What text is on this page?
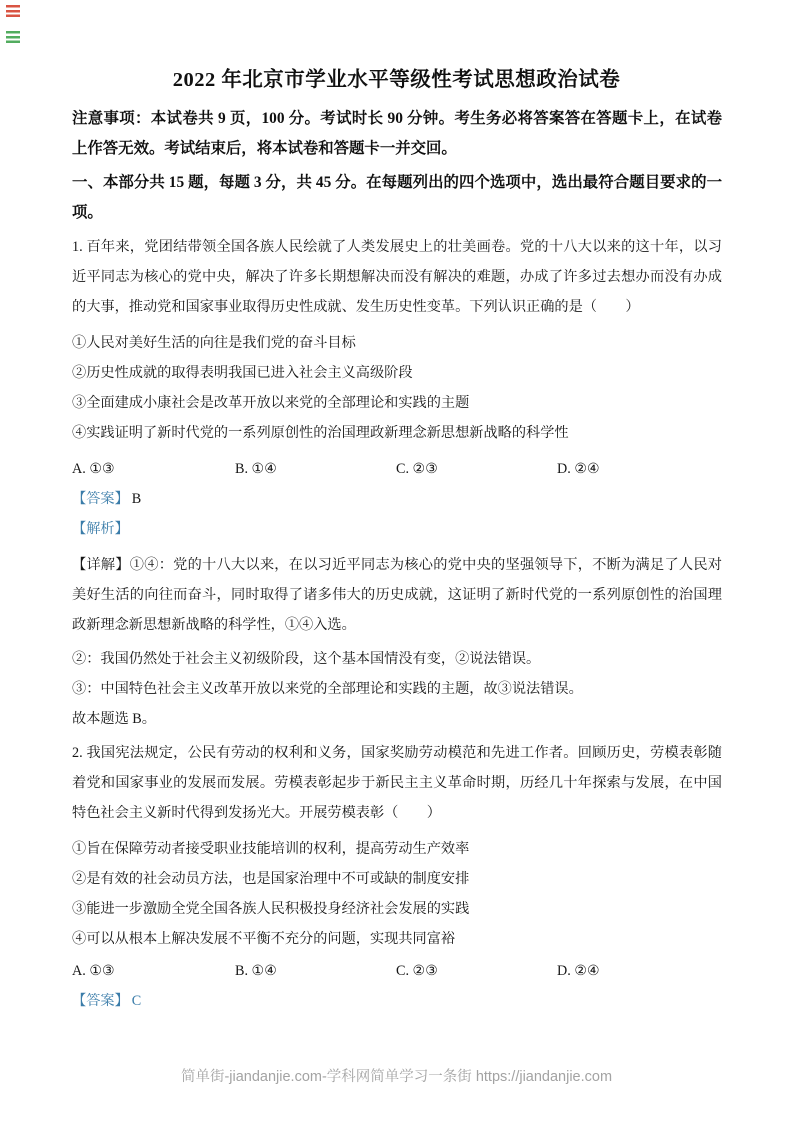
2022 年北京市学业水平等级性考试思想政治试卷

注意事项：本试卷共 9 页，100 分。考试时长 90 分钟。考生务必将答案答在答题卡上，在试卷上作答无效。考试结束后，将本试卷和答题卡一并交回。

一、本部分共 15 题，每题 3 分，共 45 分。在每题列出的四个选项中，选出最符合题目要求的一项。

1. 百年来，党团结带领全国各族人民绘就了人类发展史上的壮美画卷。党的十八大以来的这十年，以习近平同志为核心的党中央，解决了许多长期想解决而没有解决的难题，办成了许多过去想办而没有办成的大事，推动党和国家事业取得历史性成就、发生历史性变革。下列认识正确的是（　　）

①人民对美好生活的向往是我们党的奋斗目标

②历史性成就的取得表明我国已进入社会主义高级阶段

③全面建成小康社会是改革开放以来党的全部理论和实践的主题

④实践证明了新时代党的一系列原创性的治国理政新理念新思想新战略的科学性

A. ①③	B. ①④	C. ②③	D. ②④

【答案】 B

【解析】

【详解】①④：党的十八大以来，在以习近平同志为核心的党中央的坚强领导下，不断为满足了人民对美好生活的向往而奋斗，同时取得了诸多伟大的历史成就，这证明了新时代党的一系列原创性的治国理政新理念新思想新战略的科学性，①④入选。

②：我国仍然处于社会主义初级阶段，这个基本国情没有变，②说法错误。

③：中国特色社会主义改革开放以来党的全部理论和实践的主题，故③说法错误。

故本题选 B。

2. 我国宪法规定，公民有劳动的权利和义务，国家奖励劳动模范和先进工作者。回顾历史，劳模表彰随着党和国家事业的发展而发展。劳模表彰起步于新民主主义革命时期，历经几十年探索与发展，在中国特色社会主义新时代得到发扬光大。开展劳模表彰（　　）

①旨在保障劳动者接受职业技能培训的权利，提高劳动生产效率

②是有效的社会动员方法，也是国家治理中不可或缺的制度安排

③能进一步激励全党全国各族人民积极投身经济社会发展的实践

④可以从根本上解决发展不平衡不充分的问题，实现共同富裕

A. ①③	B. ①④	C. ②③	D. ②④

【答案】 C

简单街-jiandanjie.com-学科网简单学习一条街 https://jiandanjie.com
